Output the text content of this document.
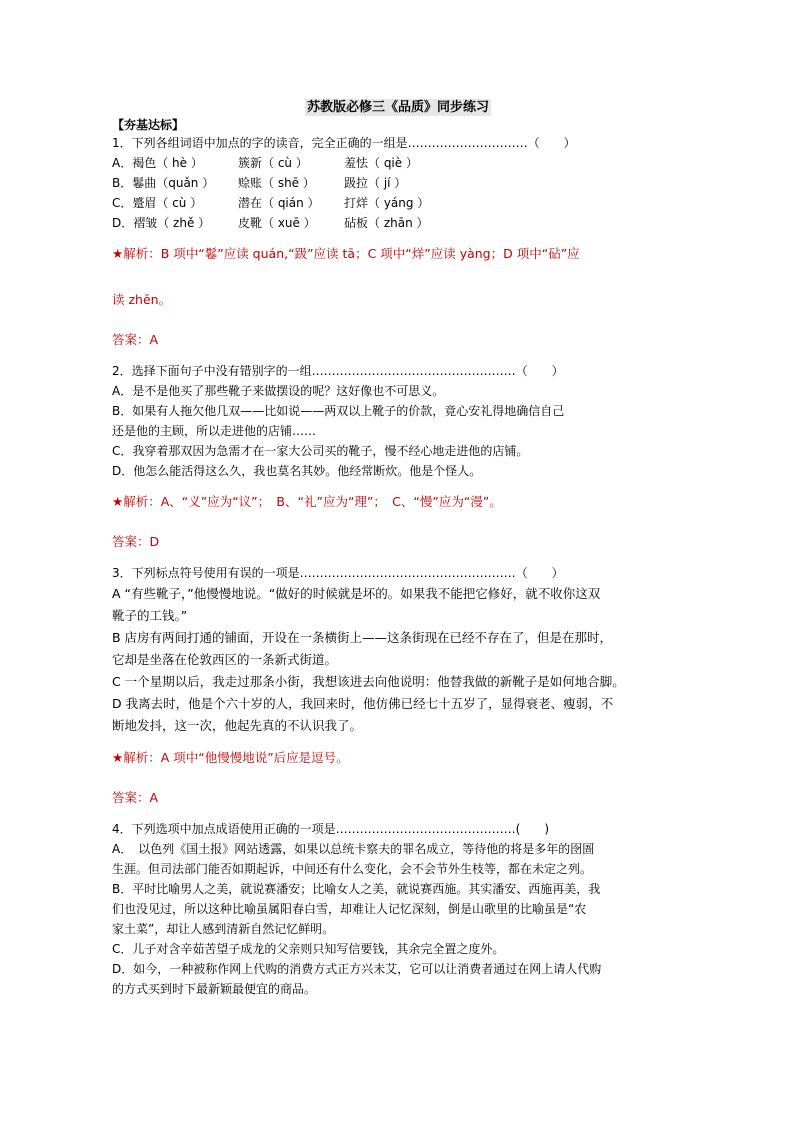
苏教版必修三《品质》同步练习

【夯基达标】

1．下列各组词语中加点的字的读音，完全正确的一组是…………………………（　　）

A．褐色（ hè ）	簇新（ cù ）	羞怯（ qiè ）
B．鬈曲（quǎn ）	赊账（ shē ）	趿拉（ jí ）
C．蹙眉（ cù ）	潜在（ qián ）	打烊（ yáng ）
D．褶皱（ zhě ）	皮靴（ xuē ）	砧板（ zhān ）

★解析：B 项中“鬈”应读 quán,“趿”应读 tā；C 项中“烊”应读 yàng；D 项中“砧”应

读 zhēn。

答案：A

2．选择下面句子中没有错别字的一组……………………………………………（　　）

A．是不是他买了那些靴子来做摆设的呢？这好像也不可思义。

B．如果有人拖欠他几双——比如说——两双以上靴子的价款，竟心安礼得地确信自己

还是他的主顾，所以走进他的店铺……

C．我穿着那双因为急需才在一家大公司买的靴子，慢不经心地走进他的店铺。

D．他怎么能活得这么久，我也莫名其妙。他经常断炊。他是个怪人。

★解析：A、“义”应为“议”；　B、“礼”应为“理”；　C、“慢”应为“漫”。

答案：D

3．下列标点符号使用有误的一项是………………………………………………（　　）

A “有些靴子，”他慢慢地说。“做好的时候就是坏的。如果我不能把它修好，就不收你这双

靴子的工钱。”

B 店房有两间打通的铺面，开设在一条横街上——这条街现在已经不存在了，但是在那时，

它却是坐落在伦敦西区的一条新式街道。

C 一个星期以后，我走过那条小街，我想该进去向他说明：他替我做的新靴子是如何地合脚。

D 我离去时，他是个六十岁的人，我回来时，他仿佛已经七十五岁了，显得衰老、瘦弱，不

断地发抖，这一次，他起先真的不认识我了。

★解析：A 项中“他慢慢地说”后应是逗号。

答案：A

4．下列选项中加点成语使用正确的一项是………………………………………(　　)

A．　以色列《国土报》网站透露，如果以总统卡察夫的罪名成立，等待他的将是多年的囹圄

生涯。但司法部门能否如期起诉，中间还有什么变化，会不会节外生枝等，都在未定之列。

B．平时比喻男人之美，就说赛潘安；比喻女人之美，就说赛西施。其实潘安、西施再美，我

们也没见过，所以这种比喻虽属阳春白雪，却难让人记忆深刻，倒是山歌里的比喻虽是“农

家土菜”，却让人感到清新自然记忆鲜明。

C．儿子对含辛茹苦望子成龙的父亲则只知写信要钱，其余完全置之度外。

D．如今，一种被称作网上代购的消费方式正方兴未艾，它可以让消费者通过在网上请人代购

的方式买到时下最新颖最便宜的商品。
